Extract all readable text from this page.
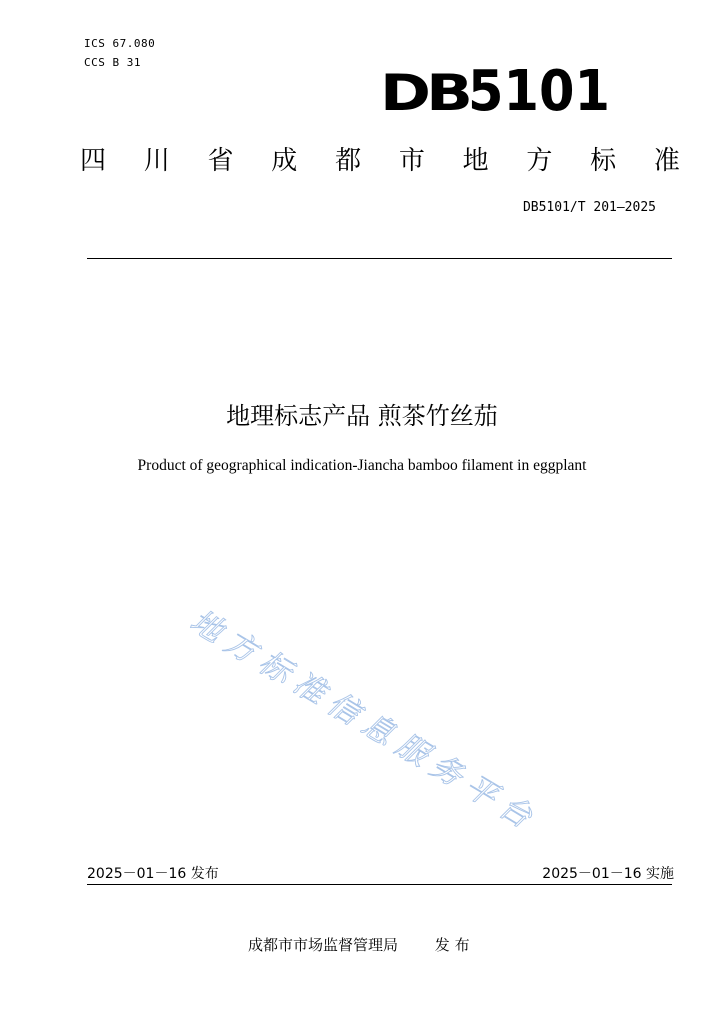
ICS 67.080
CCS B 31
DB
5101
四 川 省 成 都 市 地 方 标 准
DB5101/T 201—2025
地理标志产品 煎茶竹丝茄
Product of geographical indication-Jiancha bamboo filament in eggplant
地
方
标
准
信
息
服
务
平
台
2025－01－16 发布	2025－01－16 实施
成都市市场监督管理局 发 布
